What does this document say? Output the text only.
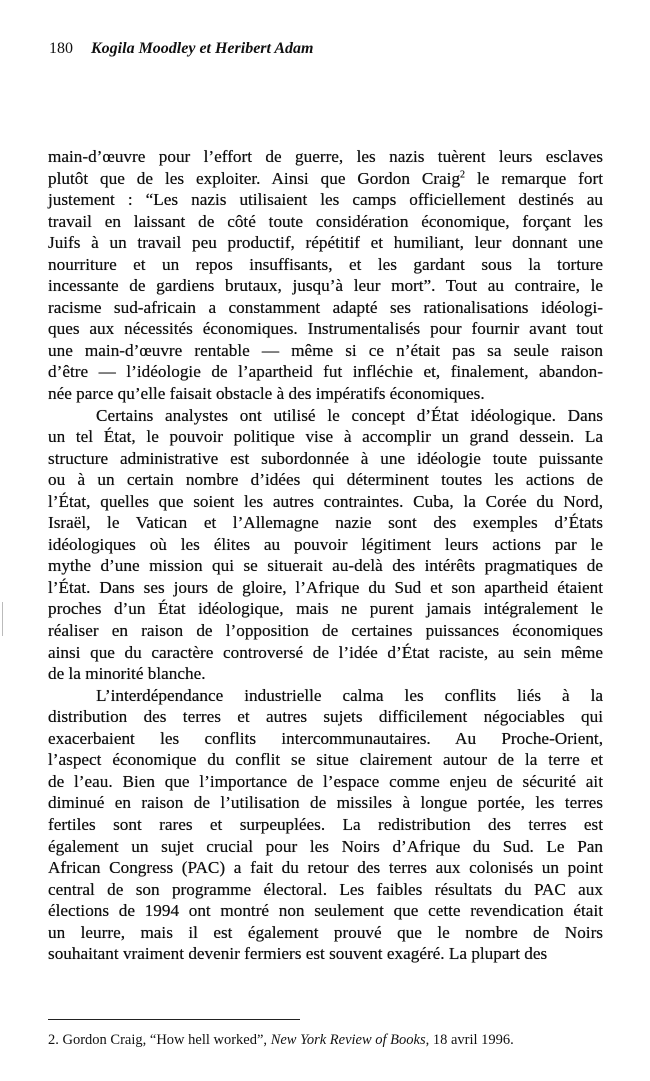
180 Kogila Moodley et Heribert Adam
main-d’œuvre pour l’effort de guerre, les nazis tuèrent leurs esclaves
plutôt que de les exploiter. Ainsi que Gordon Craig$^2$ le remarque fort
justement : “Les nazis utilisaient les camps officiellement destinés au
travail en laissant de côté toute considération économique, forçant les
Juifs à un travail peu productif, répétitif et humiliant, leur donnant une
nourriture et un repos insuffisants, et les gardant sous la torture
incessante de gardiens brutaux, jusqu’à leur mort”. Tout au contraire, le
racisme sud-africain a constamment adapté ses rationalisations idéologi-
ques aux nécessités économiques. Instrumentalisés pour fournir avant tout
une main-d’œuvre rentable — même si ce n’était pas sa seule raison
d’être — l’idéologie de l’apartheid fut infléchie et, finalement, abandon-
née parce qu’elle faisait obstacle à des impératifs économiques.
Certains analystes ont utilisé le concept d’État idéologique. Dans
un tel État, le pouvoir politique vise à accomplir un grand dessein. La
structure administrative est subordonnée à une idéologie toute puissante
ou à un certain nombre d’idées qui déterminent toutes les actions de
l’État, quelles que soient les autres contraintes. Cuba, la Corée du Nord,
Israël, le Vatican et l’Allemagne nazie sont des exemples d’États
idéologiques où les élites au pouvoir légitiment leurs actions par le
mythe d’une mission qui se situerait au-delà des intérêts pragmatiques de
l’État. Dans ses jours de gloire, l’Afrique du Sud et son apartheid étaient
proches d’un État idéologique, mais ne purent jamais intégralement le
réaliser en raison de l’opposition de certaines puissances économiques
ainsi que du caractère controversé de l’idée d’État raciste, au sein même
de la minorité blanche.
L’interdépendance industrielle calma les conflits liés à la
distribution des terres et autres sujets difficilement négociables qui
exacerbaient les conflits intercommunautaires. Au Proche-Orient,
l’aspect économique du conflit se situe clairement autour de la terre et
de l’eau. Bien que l’importance de l’espace comme enjeu de sécurité ait
diminué en raison de l’utilisation de missiles à longue portée, les terres
fertiles sont rares et surpeuplées. La redistribution des terres est
également un sujet crucial pour les Noirs d’Afrique du Sud. Le Pan
African Congress (PAC) a fait du retour des terres aux colonisés un point
central de son programme électoral. Les faibles résultats du PAC aux
élections de 1994 ont montré non seulement que cette revendication était
un leurre, mais il est également prouvé que le nombre de Noirs
souhaitant vraiment devenir fermiers est souvent exagéré. La plupart des
2. Gordon Craig, “How hell worked”, New York Review of Books, 18 avril 1996.
